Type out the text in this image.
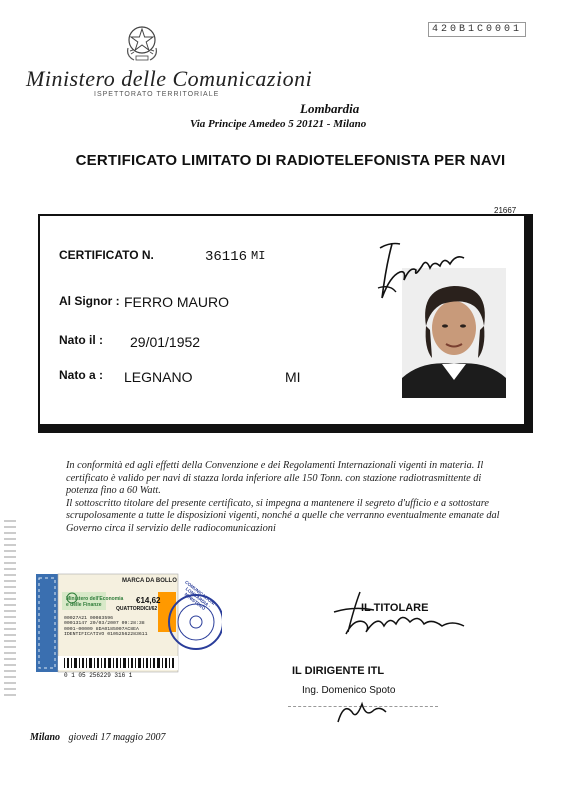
420B1C0001
Ministero delle Comunicazioni
ISPETTORATO TERRITORIALE
Lombardia
Via Principe Amedeo 5 20121 - Milano
CERTIFICATO LIMITATO DI RADIOTELEFONISTA PER NAVI
21667
CERTIFICATO N.	36116 MI
Al Signor : FERRO MAURO
Nato il : 29/01/1952
Nato a : LEGNANO	MI

In conformità ed agli effetti della Convenzione e dei Regolamenti Internazionali vigenti in materia. Il certificato è valido per navi di stazza lorda inferiore alle 150 Tonn. con stazione radiotrasmittente di potenza fino a 60 Watt.

Il sottoscritto titolare del presente certificato, si impegna a mantenere il segreto d'ufficio e a sottostare scrupolosamente a tutte le disposizioni vigenti, nonché a quelle che verranno eventualmente emanate dal Governo circa il servizio delle radiocomunicazioni

MARCA DA BOLLO
Ministero dell'Economia
e delle Finanze	€14,62
QUATTORDICI/62
00027A21 00083596
00013147 20/03/2007 09:28:38
0001-00009 8DA0185007AC8EA
IDENTIFICATIVO 01052562283611
0 1 05 256229 316 1
COMUNICAZIONI · LOMBARDIA · MINISTERO	IL TITOLARE
IL DIRIGENTE ITL
Ing. Domenico Spoto
Milano giovedì 17 maggio 2007
